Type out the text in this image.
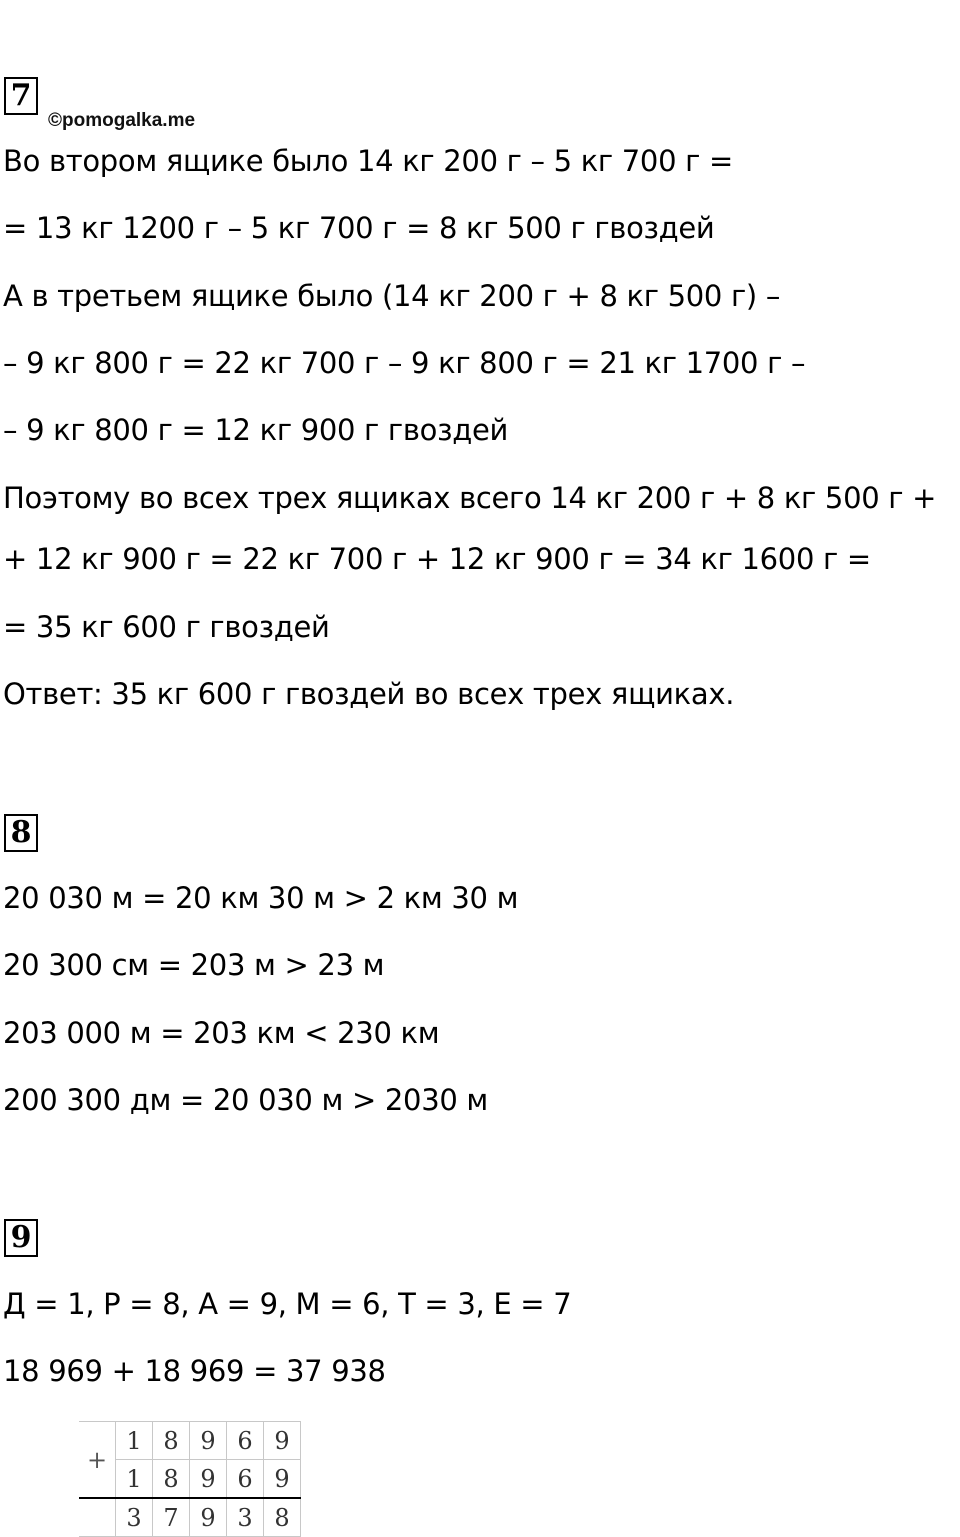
7
©pomogalka.me
Во втором ящике было 14 кг 200 г – 5 кг 700 г =
= 13 кг 1200 г – 5 кг 700 г = 8 кг 500 г гвоздей
А в третьем ящике было (14 кг 200 г + 8 кг 500 г) –
– 9 кг 800 г = 22 кг 700 г – 9 кг 800 г = 21 кг 1700 г –
– 9 кг 800 г = 12 кг 900 г гвоздей
Поэтому во всех трех ящиках всего 14 кг 200 г + 8 кг 500 г +
+ 12 кг 900 г = 22 кг 700 г + 12 кг 900 г = 34 кг 1600 г =
= 35 кг 600 г гвоздей
Ответ: 35 кг 600 г гвоздей во всех трех ящиках.
8
20 030 м = 20 км 30 м > 2 км 30 м
20 300 см = 203 м > 23 м
203 000 м = 203 км < 230 км
200 300 дм = 20 030 м > 2030 м
9
Д = 1, Р = 8, А = 9, М = 6, Т = 3, Е = 7
18 969 + 18 969 = 37 938
+	1	8	9	6	9
	1	8	9	6	9
	3	7	9	3	8
